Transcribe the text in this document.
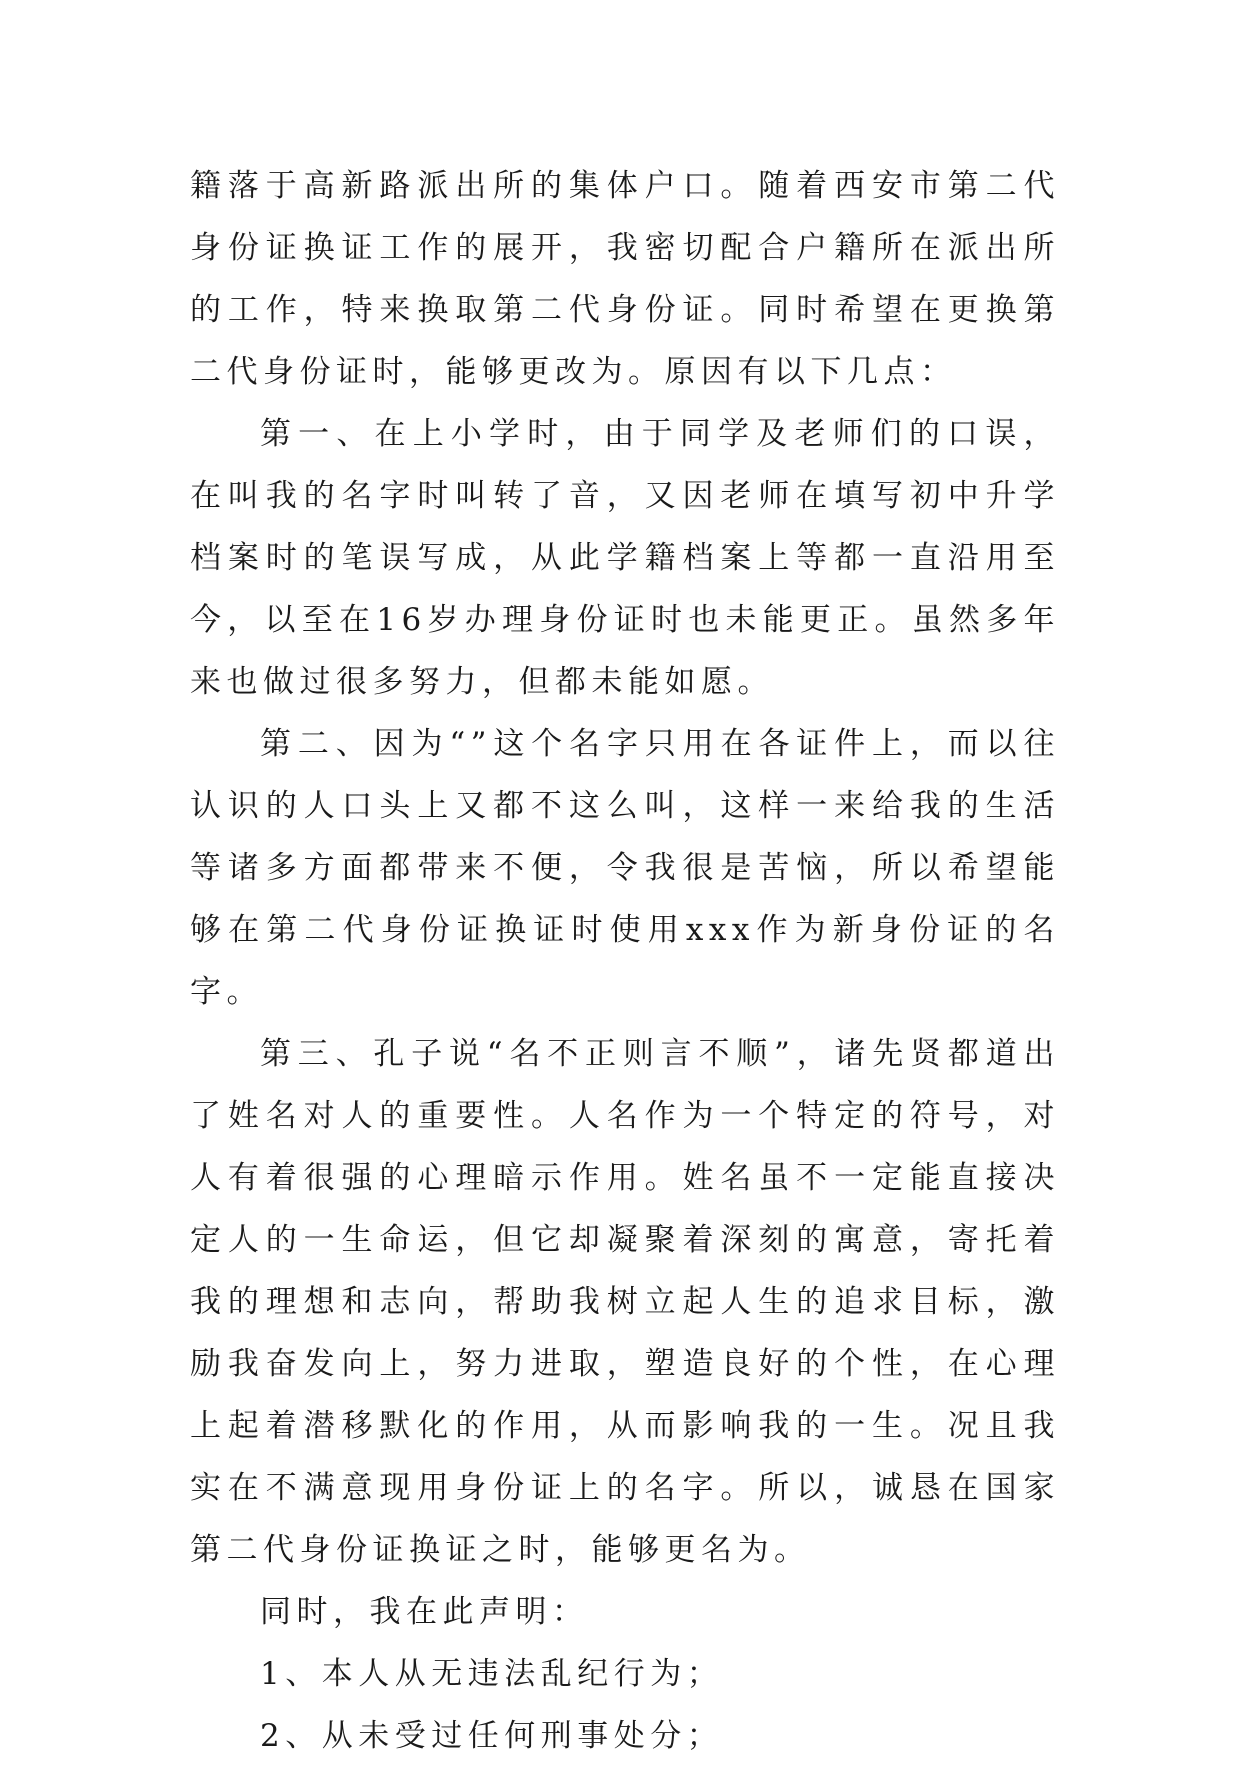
籍落于高新路派出所的集体户口。随着西安市第二代身份证换证工作的展开，我密切配合户籍所在派出所的工作，特来换取第二代身份证。同时希望在更换第二代身份证时，能够更改为。原因有以下几点：

第一、在上小学时，由于同学及老师们的口误，在叫我的名字时叫转了音，又因老师在填写初中升学档案时的笔误写成，从此学籍档案上等都一直沿用至今，以至在16岁办理身份证时也未能更正。虽然多年来也做过很多努力，但都未能如愿。

第二、因为“”这个名字只用在各证件上，而以往认识的人口头上又都不这么叫，这样一来给我的生活等诸多方面都带来不便，令我很是苦恼，所以希望能够在第二代身份证换证时使用xxx作为新身份证的名字。

第三、孔子说“名不正则言不顺”，诸先贤都道出了姓名对人的重要性。人名作为一个特定的符号，对人有着很强的心理暗示作用。姓名虽不一定能直接决定人的一生命运，但它却凝聚着深刻的寓意，寄托着我的理想和志向，帮助我树立起人生的追求目标，激励我奋发向上，努力进取，塑造良好的个性，在心理上起着潜移默化的作用，从而影响我的一生。况且我实在不满意现用身份证上的名字。所以，诚恳在国家第二代身份证换证之时，能够更名为。

同时，我在此声明：

1、本人从无违法乱纪行为；

2、从未受过任何刑事处分；
